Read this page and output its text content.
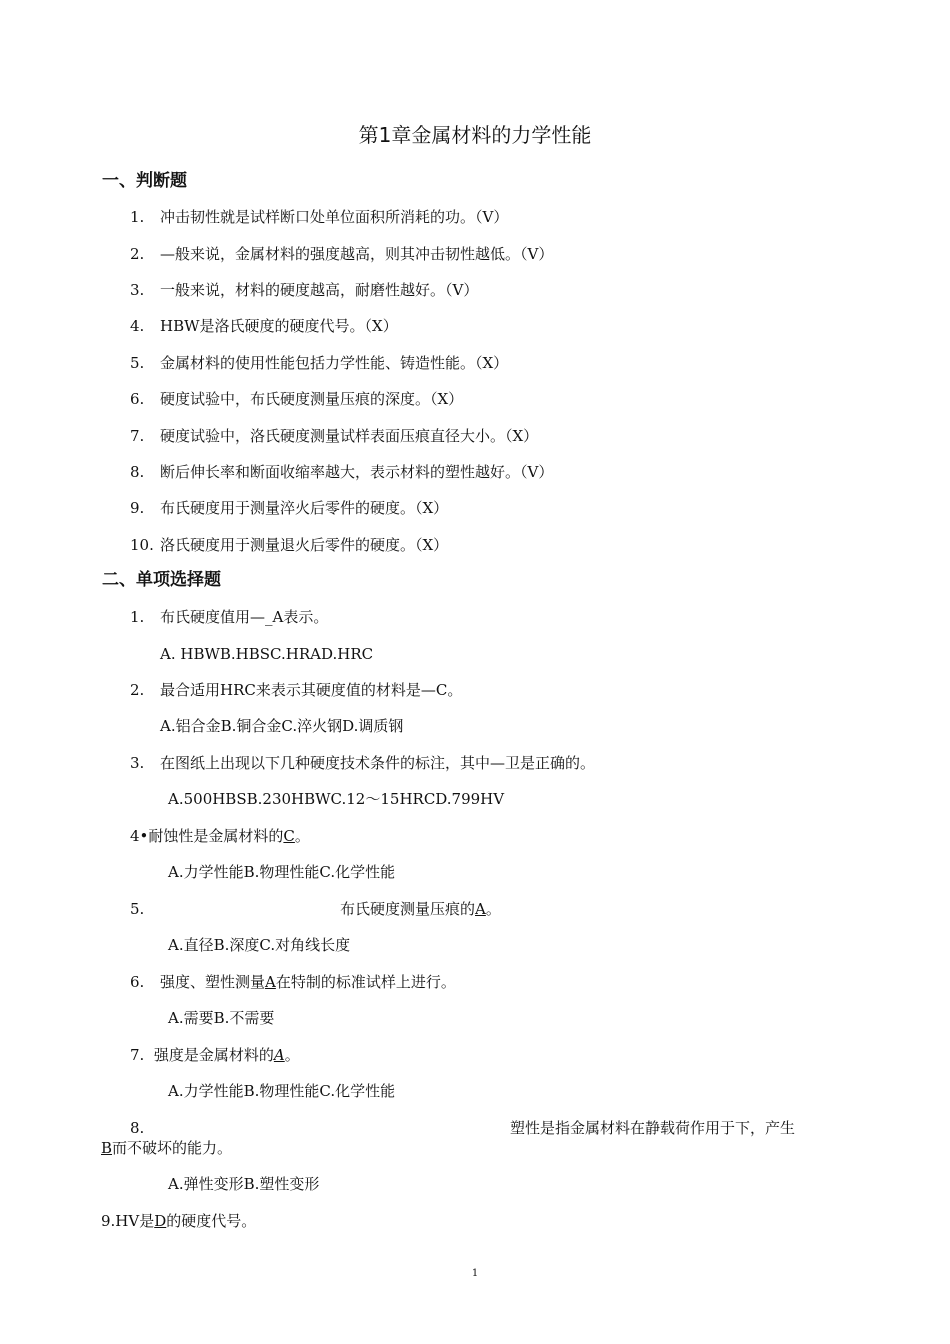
第1章金属材料的力学性能
一、判断题
1. 冲击韧性就是试样断口处单位面积所消耗的功。（V）
2. —般来说，金属材料的强度越高，则其冲击韧性越低。（V）
3. 一般来说，材料的硬度越高，耐磨性越好。（V）
4. HBW是洛氏硬度的硬度代号。（X）
5. 金属材料的使用性能包括力学性能、铸造性能。（X）
6. 硬度试验中，布氏硬度测量压痕的深度。（X）
7. 硬度试验中，洛氏硬度测量试样表面压痕直径大小。（X）
8. 断后伸长率和断面收缩率越大，表示材料的塑性越好。（V）
9. 布氏硬度用于测量淬火后零件的硬度。（X）
10. 洛氏硬度用于测量退火后零件的硬度。（X）
二、单项选择题
1. 布氏硬度值用—_A表示。
A. HBWB.HBSC.HRAD.HRC
2. 最合适用HRC来表示其硬度值的材料是—C。
A.铝合金B.铜合金C.淬火钢D.调质钢
3. 在图纸上出现以下几种硬度技术条件的标注，其中—卫是正确的。
A.500HBSB.230HBWC.12〜15HRCD.799HV
4•耐蚀性是金属材料的C。
A.力学性能B.物理性能C.化学性能
5.	布氏硬度测量压痕的A。
A.直径B.深度C.对角线长度
6. 强度、塑性测量A在特制的标准试样上进行。
A.需要B.不需要
7. 强度是金属材料的A。
A.力学性能B.物理性能C.化学性能
8.	塑性是指金属材料在静载荷作用于下，产生
B而不破坏的能力。
A.弹性变形B.塑性变形
9.HV是D的硬度代号。
1
